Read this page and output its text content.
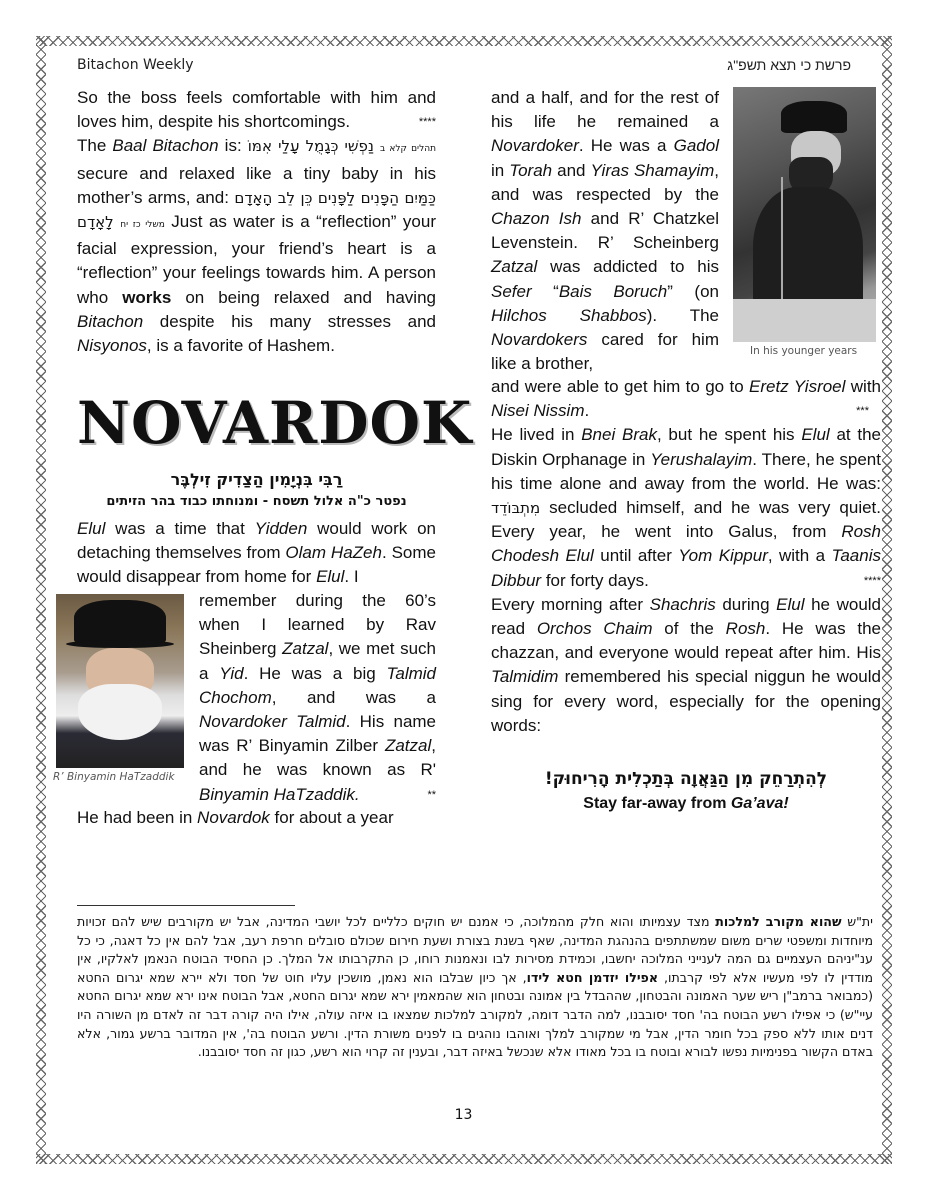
Bitachon Weekly	פרשת כי תצא תשפ"ג

So the boss feels comfortable with him and loves him, despite his shortcomings.	****

The Baal Bitachon is: נַפְשִׁי כְּגָמֻל עָלַי אִמּוֹ תהלים קלא ב secure and relaxed like a tiny baby in his mother’s arms, and: כַּמַּיִם הַפָּנִים לַפָּנִים כֵּן לֵב הָאָדָם לָאָדָם משלי כז יח Just as water is a “reflection” your facial expression, your friend’s heart is a “reflection” your feelings towards him. A person who works on being relaxed and having Bitachon despite his many stresses and Nisyonos, is a favorite of Hashem.

NOVARDOK
רַבִּי בִּנְיָמִין הַצַדִיק זִילְבֶּר
נפטר כ"ה אלול תשסח - ומנוחתו כבוד בהר הזיתים
Elul was a time that Yidden would work on detaching themselves from Olam HaZeh. Some would disappear from home for Elul. I
R’ Binyamin HaTzaddik
remember during the 60’s when I learned by Rav Sheinberg Zatzal, we met such a Yid. He was a big Talmid Chochom, and was a Novardoker Talmid. His name was R’ Binyamin Zilber Zatzal, and he was known as R' Binyamin HaTzaddik.	**
He had been in Novardok for about a year
and a half, and for the rest of his life he remained a Novardoker. He was a Gadol in Torah and Yiras Shamayim, and was respected by the Chazon Ish and R’ Chatzkel Levenstein. R’ Scheinberg Zatzal was addicted to his Sefer “Bais Boruch” (on Hilchos Shabbos). The Novardokers cared for him like a brother,
In his younger years

and were able to get him to go to Eretz Yisroel with Nisei Nissim.	***

He lived in Bnei Brak, but he spent his Elul at the Diskin Orphanage in Yerushalayim. There, he spent his time alone and away from the world. He was: מִתְבּוֹדֵד secluded himself, and he was very quiet. Every year, he went into Galus, from Rosh Chodesh Elul until after Yom Kippur, with a Taanis Dibbur for forty days.	****

Every morning after Shachris during Elul he would read Orchos Chaim of the Rosh. He was the chazzan, and everyone would repeat after him. His Talmidim remembered his special niggun he would sing for every word, especially for the opening words:

לְהִתְרַחֵק מִן הַגַּאֲוָה בְּתַכְלִית הָרִיחוּק!
Stay far-away from Ga’ava!
ית"ש שהוא מקורב למלכות מצד עצמיותו והוא חלק מהמלוכה, כי אמנם יש חוקים כלליים לכל יושבי המדינה, אבל יש מקורבים שיש להם זכויות מיוחדות ומשפטי שרים משום שמשתתפים בהנהגת המדינה, שאף בשנת בצורת ושעת חירום שכולם סובלים חרפת רעב, אבל להם אין כל דאגה, כי כל ענ"יניהם העצמיים גם המה לענייני המלוכה יחשבו, וכמידת מסירות לבו ונאמנות רוחו, כן התקרבותו אל המלך. כן החסיד הבוטח הנאמן לאלקיו, אין מודדין לו לפי מעשיו אלא לפי קרבתו, אפילו יזדמן חטא לידו, אך כיון שבלבו הוא נאמן, מושכין עליו חוט של חסד ולא יירא שמא יגרום החטא (כמבואר ברמב"ן ריש שער האמונה והבטחון, שההבדל בין אמונה ובטחון הוא שהמאמין ירא שמא יגרום החטא, אבל הבוטח אינו ירא שמא יגרום החטא עיי"ש) כי אפילו רשע הבוטח בה' חסד יסובבנו, למה הדבר דומה, למקורב למלכות שמצאו בו איזה עולה, אילו היה קורה דבר זה לאדם מן השורה היו דנים אותו ללא ספק בכל חומר הדין, אבל מי שמקורב למלך ואוהבו נוהגים בו לפנים משורת הדין. ורשע הבוטח בה', אין המדובר ברשע גמור, אלא באדם הקשור בפנימיות נפשו לבורא ובוטח בו בכל מאודו אלא שנכשל באיזה דבר, ובענין זה קרוי הוא רשע, כגון זה חסד יסובבנו.
13
